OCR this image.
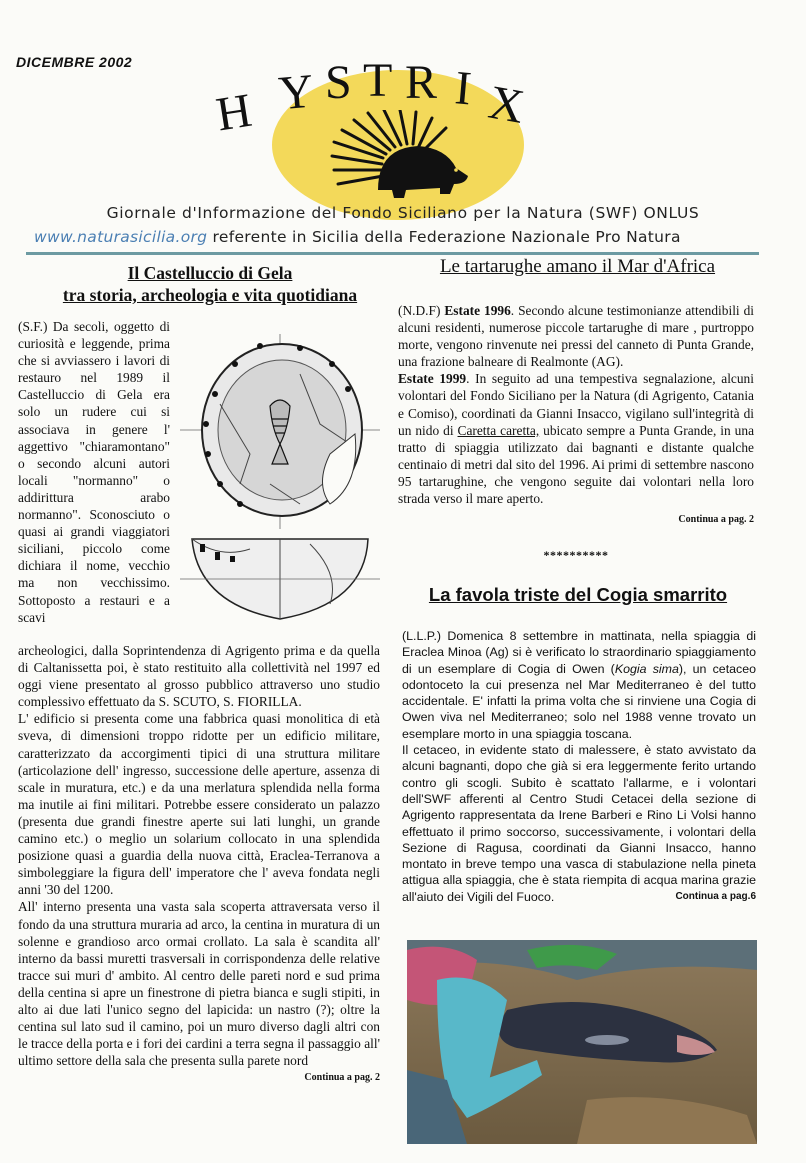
DICEMBRE 2002
H Y S T R I X
Giornale d'Informazione del Fondo Siciliano per la Natura (SWF) ONLUS
www.naturasicilia.org referente in Sicilia della Federazione Nazionale Pro Natura
Il Castelluccio di Gela
tra storia, archeologia e vita quotidiana
(S.F.) Da secoli, oggetto di curiosità e leggende, prima che si avviassero i lavori di restauro nel 1989 il Castelluccio di Gela era solo un rudere cui si associava in genere l' aggettivo "chiaramontano" o secondo alcuni autori locali "normanno" o addirittura arabo normanno". Sconosciuto o quasi ai grandi viaggiatori siciliani, piccolo come dichiara il nome, vecchio ma non vecchissimo. Sottoposto a restauri e a scavi

archeologici, dalla Soprintendenza di Agrigento prima e da quella di Caltanissetta poi, è stato restituito alla collettività nel 1997 ed oggi viene presentato al grosso pubblico attraverso uno studio complessivo effettuato da S. SCUTO, S. FIORILLA.

L' edificio si presenta come una fabbrica quasi monolitica di età sveva, di dimensioni troppo ridotte per un edificio militare, caratterizzato da accorgimenti tipici di una struttura militare (articolazione dell' ingresso, successione delle aperture, assenza di scale in muratura, etc.) e da una merlatura splendida nella forma ma inutile ai fini militari. Potrebbe essere considerato un palazzo (presenta due grandi finestre aperte sui lati lunghi, un grande camino etc.) o meglio un solarium collocato in una splendida posizione quasi a guardia della nuova città, Eraclea-Terranova a simboleggiare la figura dell' imperatore che l' aveva fondata negli anni '30 del 1200.

All' interno presenta una vasta sala scoperta attraversata verso il fondo da una struttura muraria ad arco, la centina in muratura di un solenne e grandioso arco ormai crollato. La sala è scandita all' interno da bassi muretti trasversali in corrispondenza delle relative tracce sui muri d' ambito. Al centro delle pareti nord e sud prima della centina si apre un finestrone di pietra bianca e sugli stipiti, in alto ai due lati l'unico segno del lapicida: un nastro (?); oltre la centina sul lato sud il camino, poi un muro diverso dagli altri con le tracce della porta e i fori dei cardini a terra segna il passaggio all' ultimo settore della sala che presenta sulla parete nord

Continua a pag. 2
Le tartarughe amano il Mar d'Africa

(N.D.F) Estate 1996. Secondo alcune testimonianze attendibili di alcuni residenti, numerose piccole tartarughe di mare , purtroppo morte, vengono rinvenute nei pressi del canneto di Punta Grande, una frazione balneare di Realmonte (AG).

Estate 1999. In seguito ad una tempestiva segnalazione, alcuni volontari del Fondo Siciliano per la Natura (di Agrigento, Catania e Comiso), coordinati da Gianni Insacco, vigilano sull'integrità di un nido di Caretta caretta, ubicato sempre a Punta Grande, in una tratto di spiaggia utilizzato dai bagnanti e distante qualche centinaio di metri dal sito del 1996. Ai primi di settembre nascono 95 tartarughine, che vengono seguite dai volontari nella loro strada verso il mare aperto.

Continua a pag. 2
**********
La favola triste del Cogia smarrito

(L.L.P.) Domenica 8 settembre in mattinata, nella spiaggia di Eraclea Minoa (Ag) si è verificato lo straordinario spiaggiamento di un esemplare di Cogia di Owen (Kogia sima), un cetaceo odontoceto la cui presenza nel Mar Mediterraneo è del tutto accidentale. E' infatti la prima volta che si rinviene una Cogia di Owen viva nel Mediterraneo; solo nel 1988 venne trovato un esemplare morto in una spiaggia toscana.

Il cetaceo, in evidente stato di malessere, è stato avvistato da alcuni bagnanti, dopo che già si era leggermente ferito urtando contro gli scogli. Subito è scattato l'allarme, e i volontari dell'SWF afferenti al Centro Studi Cetacei della sezione di Agrigento rappresentata da Irene Barberi e Rino Li Volsi hanno effettuato il primo soccorso, successivamente, i volontari della Sezione di Ragusa, coordinati da Gianni Insacco, hanno montato in breve tempo una vasca di stabulazione nella pineta attigua alla spiaggia, che è stata riempita di acqua marina grazie all'aiuto dei Vigili del Fuoco.	Continua a pag.6
